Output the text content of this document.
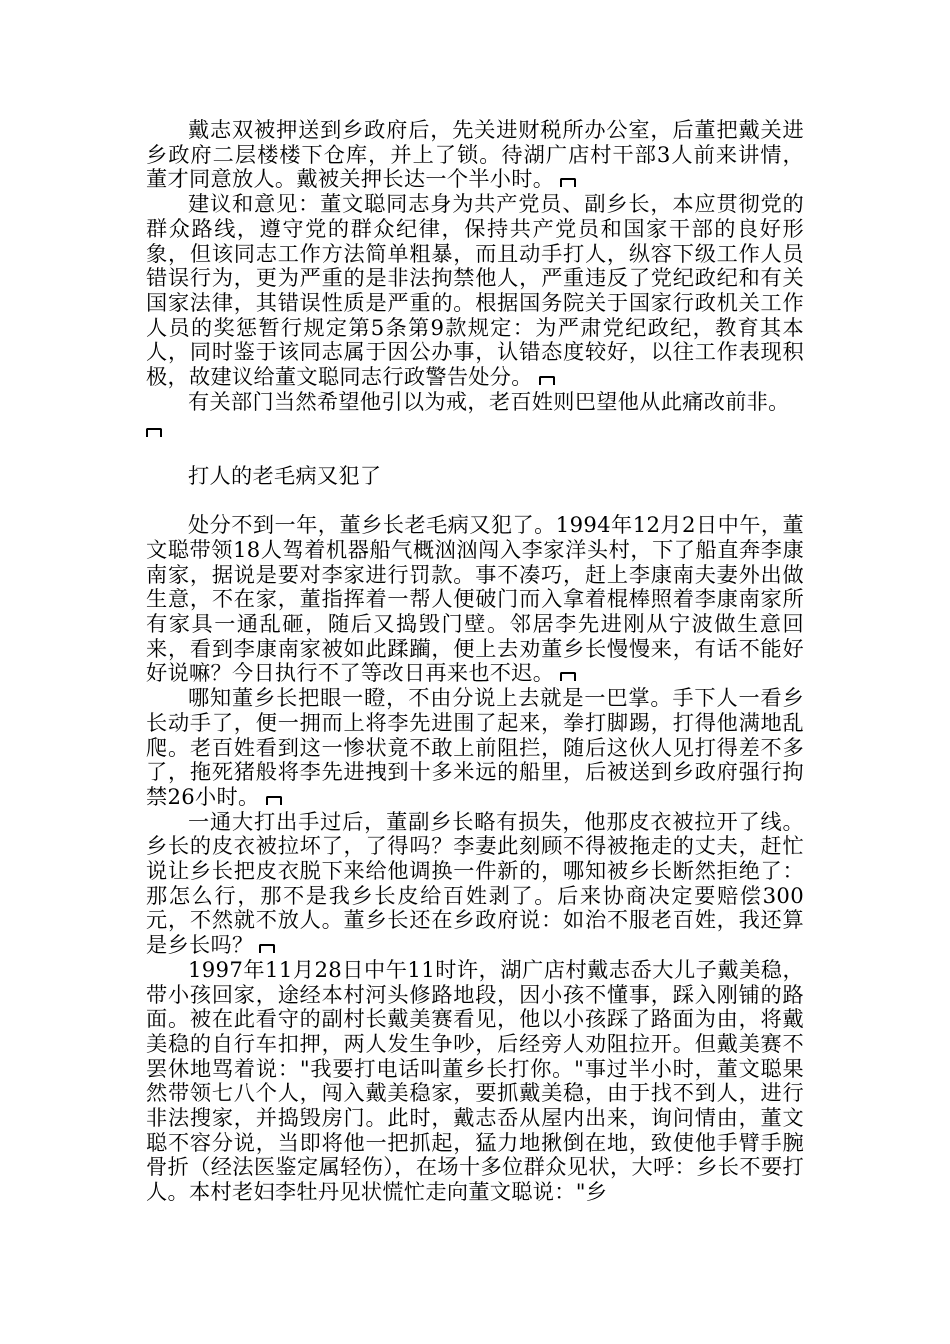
戴志双被押送到乡政府后，先关进财税所办公室，后董把戴关进乡政府二层楼楼下仓库，并上了锁。待湖广店村干部3人前来讲情，董才同意放人。戴被关押长达一个半小时。

建议和意见：董文聪同志身为共产党员、副乡长，本应贯彻党的群众路线，遵守党的群众纪律，保持共产党员和国家干部的良好形象，但该同志工作方法简单粗暴，而且动手打人，纵容下级工作人员错误行为，更为严重的是非法拘禁他人，严重违反了党纪政纪和有关国家法律，其错误性质是严重的。根据国务院关于国家行政机关工作人员的奖惩暂行规定第5条第9款规定：为严肃党纪政纪，教育其本人，同时鉴于该同志属于因公办事，认错态度较好，以往工作表现积极，故建议给董文聪同志行政警告处分。

有关部门当然希望他引以为戒，老百姓则巴望他从此痛改前非。

打人的老毛病又犯了

处分不到一年，董乡长老毛病又犯了。1994年12月2日中午，董文聪带领18人驾着机器船气概汹汹闯入李家洋头村，下了船直奔李康南家，据说是要对李家进行罚款。事不凑巧，赶上李康南夫妻外出做生意，不在家，董指挥着一帮人便破门而入拿着棍棒照着李康南家所有家具一通乱砸，随后又捣毁门壁。邻居李先进刚从宁波做生意回来，看到李康南家被如此蹂躏，便上去劝董乡长慢慢来，有话不能好好说嘛？今日执行不了等改日再来也不迟。

哪知董乡长把眼一瞪，不由分说上去就是一巴掌。手下人一看乡长动手了，便一拥而上将李先进围了起来，拳打脚踢，打得他满地乱爬。老百姓看到这一惨状竟不敢上前阻拦，随后这伙人见打得差不多了，拖死猪般将李先进拽到十多米远的船里，后被送到乡政府强行拘禁26小时。

一通大打出手过后，董副乡长略有损失，他那皮衣被拉开了线。乡长的皮衣被拉坏了，了得吗？李妻此刻顾不得被拖走的丈夫，赶忙说让乡长把皮衣脱下来给他调换一件新的，哪知被乡长断然拒绝了：那怎么行，那不是我乡长皮给百姓剥了。后来协商决定要赔偿300元，不然就不放人。董乡长还在乡政府说：如治不服老百姓，我还算是乡长吗？

1997年11月28日中午11时许，湖广店村戴志岙大儿子戴美稳，带小孩回家，途经本村河头修路地段，因小孩不懂事，踩入刚铺的路面。被在此看守的副村长戴美赛看见，他以小孩踩了路面为由，将戴美稳的自行车扣押，两人发生争吵，后经旁人劝阻拉开。但戴美赛不罢休地骂着说："我要打电话叫董乡长打你。"事过半小时，董文聪果然带领七八个人，闯入戴美稳家，要抓戴美稳，由于找不到人，进行非法搜家，并捣毁房门。此时，戴志岙从屋内出来，询问情由，董文聪不容分说，当即将他一把抓起，猛力地揪倒在地，致使他手臂手腕骨折（经法医鉴定属轻伤），在场十多位群众见状，大呼：乡长不要打人。本村老妇李牡丹见状慌忙走向董文聪说："乡
